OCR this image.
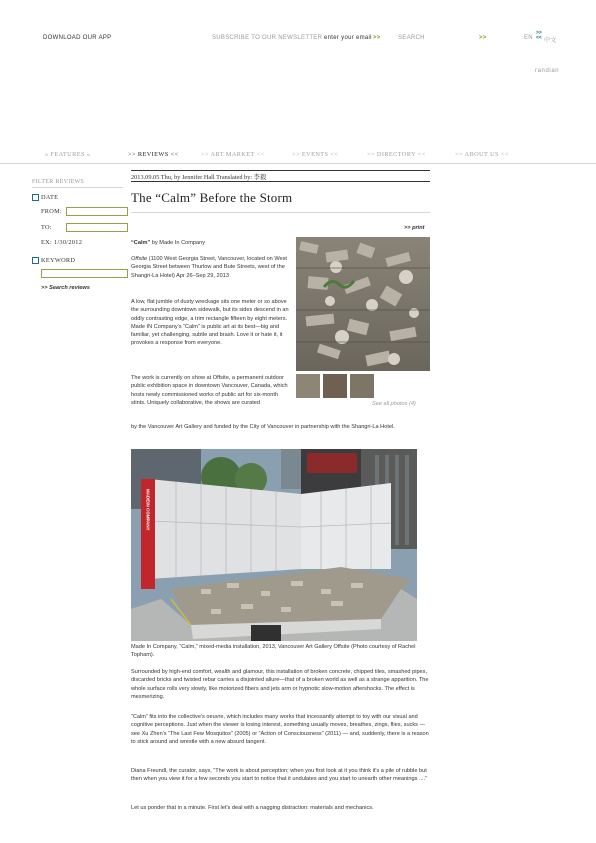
DOWNLOAD OUR APP	SUBSCRIBE TO OUR NEWSLETTER enter your email >>	SEARCH	>>	EN
>>
<< 中文
randian
» FEATURES «	>> REVIEWS <<	>> ART MARKET <<	>> EVENTS <<	>> DIRECTORY <<	>> ABOUT US <<
FILTER REVIEWS
DATE
FROM:
TO:
EX: 1/30/2012
KEYWORD
>> Search reviews
2013.09.05 Thu, by Jennifer Hall Translated by: 李毅
The “Calm” Before the Storm
>> print
“Calm” by Made In Company
Offsite (1100 West Georgia Street, Vancouver, located on West Georgia Street between Thurlow and Bute Streets, west of the Shangri-La Hotel) Apr 26–Sep 29, 2013
A low, flat jumble of dusty wreckage sits one meter or so above the surrounding downtown sidewalk, but its sides descend in an oddly contrasting edge, a trim rectangle fifteen by eight meters. Made IN Company's “Calm” is public art at its best—big and familiar, yet challenging, subtle and brash. Love it or hate it, it provokes a response from everyone.
The work is currently on show at Offsite, a permanent outdoor public exhibition space in downtown Vancouver, Canada, which hosts newly commissioned works of public art for six-month stints. Uniquely collaborative, the shows are curated
by the Vancouver Art Gallery and funded by the City of Vancouver in partnership with the Shangri-La Hotel.
See all photos (4)
MADEIN COMPANY
Made In Company, “Calm,” mixed-media installation, 2013, Vancouver Art Gallery Offsite (Photo courtesy of Rachel Topham).
Surrounded by high-end comfort, wealth and glamour, this installation of broken concrete, chipped tiles, smashed pipes, discarded bricks and twisted rebar carries a disjointed allure—that of a broken world as well as a strange apparition. The whole surface rolls very slowly, like motorized fibers and jets arm or hypnotic slow-motion aftershocks. The effect is mesmerizing.
“Calm” fits into the collective's oeuvre, which includes many works that incessantly attempt to toy with our visual and cognitive perceptions. Just when the viewer is losing interest, something usually moves, breathes, zings, flies, sucks — see Xu Zhen's “The Last Few Mosquitos” (2005) or “Action of Consciousness” (2011) — and, suddenly, there is a reason to stick around and wrestle with a new absurd tangent.
Diana Freundl, the curator, says, “The work is about perception; when you first look at it you think it's a pile of rubble but then when you view it for a few seconds you start to notice that it undulates and you start to unearth other meanings ....”
Let us ponder that in a minute. First let's deal with a nagging distraction: materials and mechanics.
